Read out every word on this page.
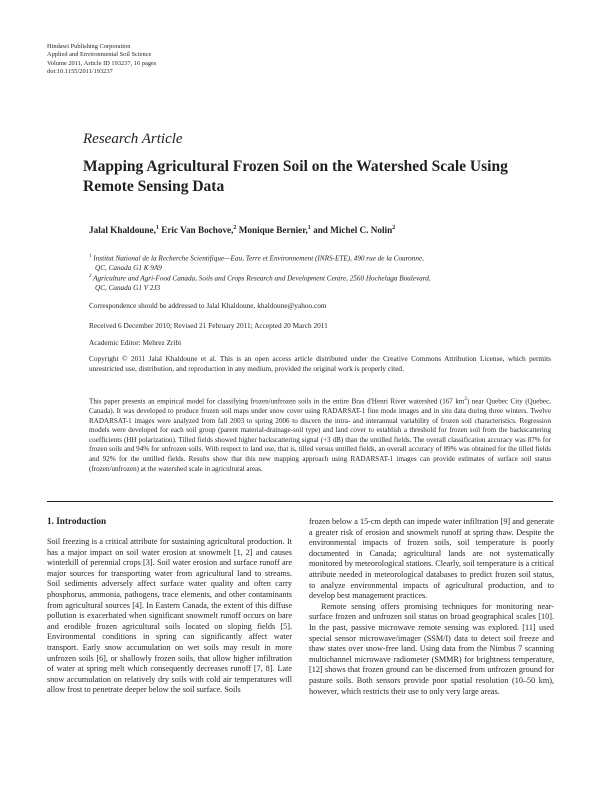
Hindawi Publishing Corporation
Applied and Environmental Soil Science
Volume 2011, Article ID 193237, 16 pages
doi:10.1155/2011/193237
Research Article
Mapping Agricultural Frozen Soil on the Watershed Scale Using Remote Sensing Data
Jalal Khaldoune,$^1$ Eric Van Bochove,$^2$ Monique Bernier,$^1$ and Michel C. Nolin$^2$
$^1$ Institut National de la Recherche Scientifique—Eau, Terre et Environnement (INRS-ETE), 490 rue de la Couronne,
QC, Canada G1 K 9A9
$^2$ Agriculture and Agri-Food Canada, Soils and Crops Research and Development Centre, 2560 Hochelaga Boulevard,
QC, Canada G1 V 2J3
Correspondence should be addressed to Jalal Khaldoune, khaldoune@yahoo.com
Received 6 December 2010; Revised 21 February 2011; Accepted 20 March 2011
Academic Editor: Mehrez Zribi
Copyright © 2011 Jalal Khaldoune et al. This is an open access article distributed under the Creative Commons Attribution License, which permits unrestricted use, distribution, and reproduction in any medium, provided the original work is properly cited.
This paper presents an empirical model for classifying frozen/unfrozen soils in the entire Bras d'Henri River watershed (167 $km^2$) near Quebec City (Quebec, Canada). It was developed to produce frozen soil maps under snow cover using RADARSAT-1 fine mode images and in situ data during three winters. Twelve RADARSAT-1 images were analyzed from fall 2003 to spring 2006 to discern the intra- and interannual variability of frozen soil characteristics. Regression models were developed for each soil group (parent material-drainage-soil type) and land cover to establish a threshold for frozen soil from the backscattering coefficients (HH polarization). Tilled fields showed higher backscattering signal (+3 dB) than the untilled fields. The overall classification accuracy was 87% for frozen soils and 94% for unfrozen soils. With respect to land use, that is, tilled versus untilled fields, an overall accuracy of 89% was obtained for the tilled fields and 92% for the untilled fields. Results show that this new mapping approach using RADARSAT-1 images can provide estimates of surface soil status (frozen/unfrozen) at the watershed scale in agricultural areas.
1. Introduction

Soil freezing is a critical attribute for sustaining agricultural production. It has a major impact on soil water erosion at snowmelt [1, 2] and causes winterkill of perennial crops [3]. Soil water erosion and surface runoff are major sources for transporting water from agricultural land to streams. Soil sediments adversely affect surface water quality and often carry phosphorus, ammonia, pathogens, trace elements, and other contaminants from agricultural sources [4]. In Eastern Canada, the extent of this diffuse pollution is exacerbated when significant snowmelt runoff occurs on bare and erodible frozen agricultural soils located on sloping fields [5]. Environmental conditions in spring can significantly affect water transport. Early snow accumulation on wet soils may result in more unfrozen soils [6], or shallowly frozen soils, that allow higher infiltration of water at spring melt which consequently decreases runoff [7, 8]. Late snow accumulation on relatively dry soils with cold air temperatures will allow frost to penetrate deeper below the soil surface. Soils

frozen below a 15-cm depth can impede water infiltration [9] and generate a greater risk of erosion and snowmelt runoff at spring thaw. Despite the environmental impacts of frozen soils, soil temperature is poorly documented in Canada; agricultural lands are not systematically monitored by meteorological stations. Clearly, soil temperature is a critical attribute needed in meteorological databases to predict frozen soil status, to analyze environmental impacts of agricultural production, and to develop best management practices.

Remote sensing offers promising techniques for monitoring near-surface frozen and unfrozen soil status on broad geographical scales [10]. In the past, passive microwave remote sensing was explored. [11] used special sensor microwave/imager (SSM/I) data to detect soil freeze and thaw states over snow-free land. Using data from the Nimbus 7 scanning multichannel microwave radiometer (SMMR) for brightness temperature, [12] shows that frozen ground can be discerned from unfrozen ground for pasture soils. Both sensors provide poor spatial resolution (10–50 km), however, which restricts their use to only very large areas.
